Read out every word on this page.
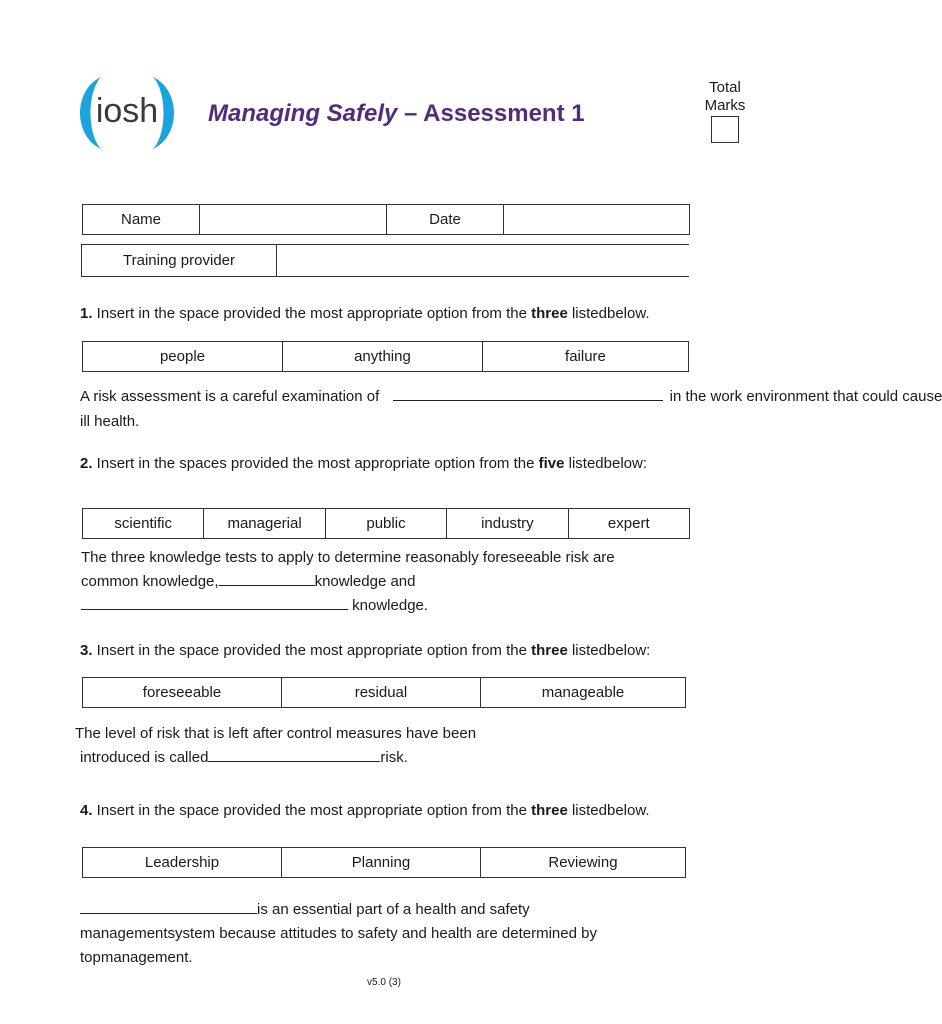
iosh Managing Safely – Assessment 1
Total
Marks
Name		Date	
Training provider	
1. Insert in the space provided the most appropriate option from the three listedbelow.
people	anything	failure
A risk assessment is a careful examination of	in the work environment that could cause
ill health.
2. Insert in the spaces provided the most appropriate option from the five listedbelow:
scientific	managerial	public	industry	expert
The three knowledge tests to apply to determine reasonably foreseeable risk are
common knowledge,	knowledge and
knowledge.
3. Insert in the space provided the most appropriate option from the three listedbelow:
foreseeable	residual	manageable
The level of risk that is left after control measures have been
introduced is called	risk.
4. Insert in the space provided the most appropriate option from the three listedbelow.
Leadership	Planning	Reviewing
is an essential part of a health and safety
managementsystem because attitudes to safety and health are determined by
topmanagement.
v5.0 (3)
